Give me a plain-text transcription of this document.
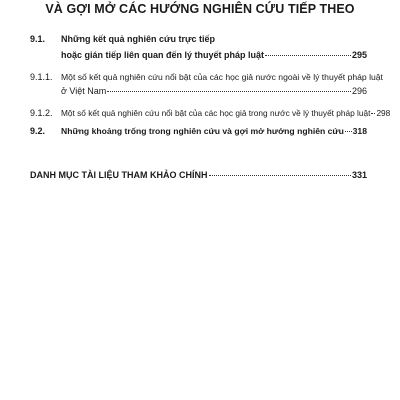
VÀ GỢI MỞ CÁC HƯỚNG NGHIÊN CỨU TIẾP THEO
9.1. Những kết quả nghiên cứu trực tiếp
hoặc gián tiếp liên quan đến lý thuyết pháp luật	295
9.1.1. Một số kết quả nghiên cứu nổi bật của các học giả nước ngoài về lý thuyết pháp luật
ở Việt Nam	296
9.1.2. Một số kết quả nghiên cứu nổi bật của các học giả trong nước về lý thuyết pháp luật 298
9.2. Những khoảng trống trong nghiên cứu và gợi mở hướng nghiên cứu 318
DANH MỤC TÀI LIỆU THAM KHẢO CHÍNH	331
